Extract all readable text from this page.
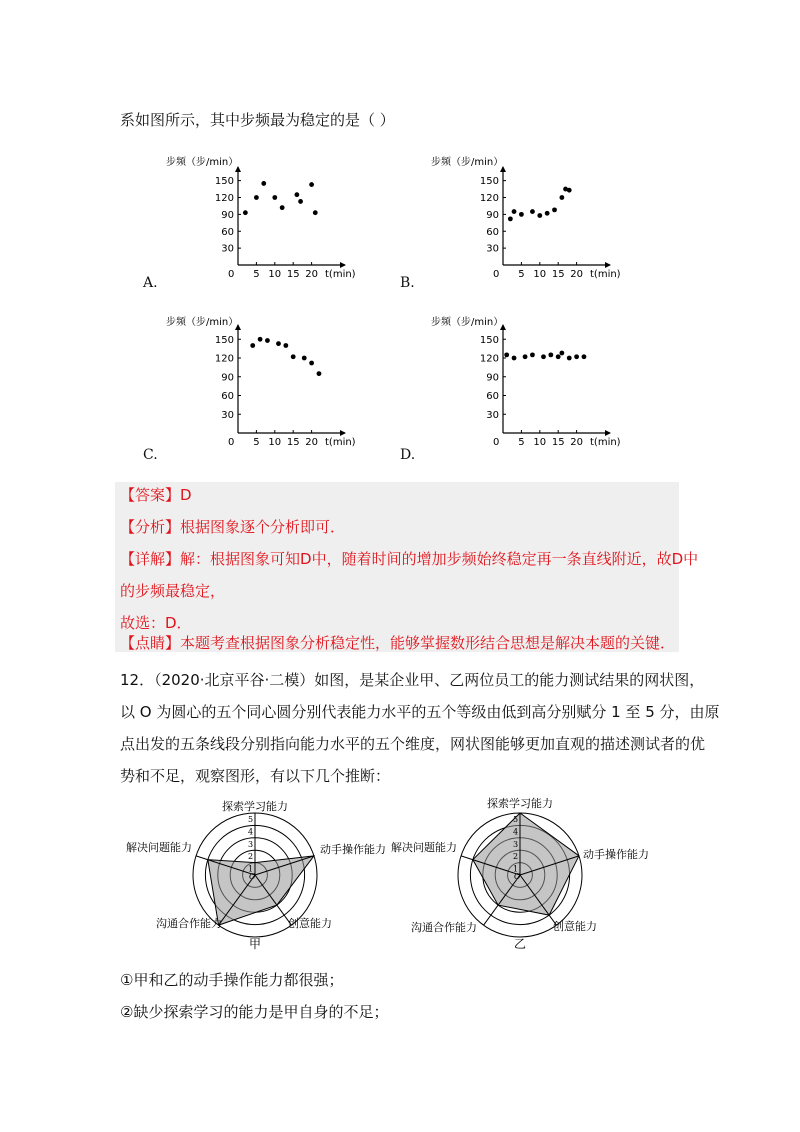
系如图所示，其中步频最为稳定的是（ ）
步频（步/min）
0
30
60
90
120
150
5 10 15 20 t(min)
步频（步/min）
0
30
60
90
120
150
5 10 15 20 t(min)
步频（步/min）
0
30
60
90
120
150
5 10 15 20 t(min)
步频（步/min）
0
30
60
90
120
150
5 10 15 20 t(min)
A.	B.
C.	D.
【答案】D
【分析】根据图象逐个分析即可．
【详解】解：根据图象可知D中，随着时间的增加步频始终稳定再一条直线附近，故D中
的步频最稳定，
故选：D．
【点睛】本题考查根据图象分析稳定性，能够掌握数形结合思想是解决本题的关键．
12．（2020·北京平谷·二模）如图，是某企业甲、乙两位员工的能力测试结果的网状图，
以 O 为圆心的五个同心圆分别代表能力水平的五个等级由低到高分别赋分 1 至 5 分，由原
点出发的五条线段分别指向能力水平的五个维度，网状图能够更加直观的描述测试者的优
势和不足，观察图形，有以下几个推断：
1
2
3
4
5
O
探索学习能力
动手操作能力
创意能力
沟通合作能力
解决问题能力
甲
1
2
3
4
5
O
探索学习能力
动手操作能力
创意能力
沟通合作能力
解决问题能力
乙
①甲和乙的动手操作能力都很强；
②缺少探索学习的能力是甲自身的不足；
